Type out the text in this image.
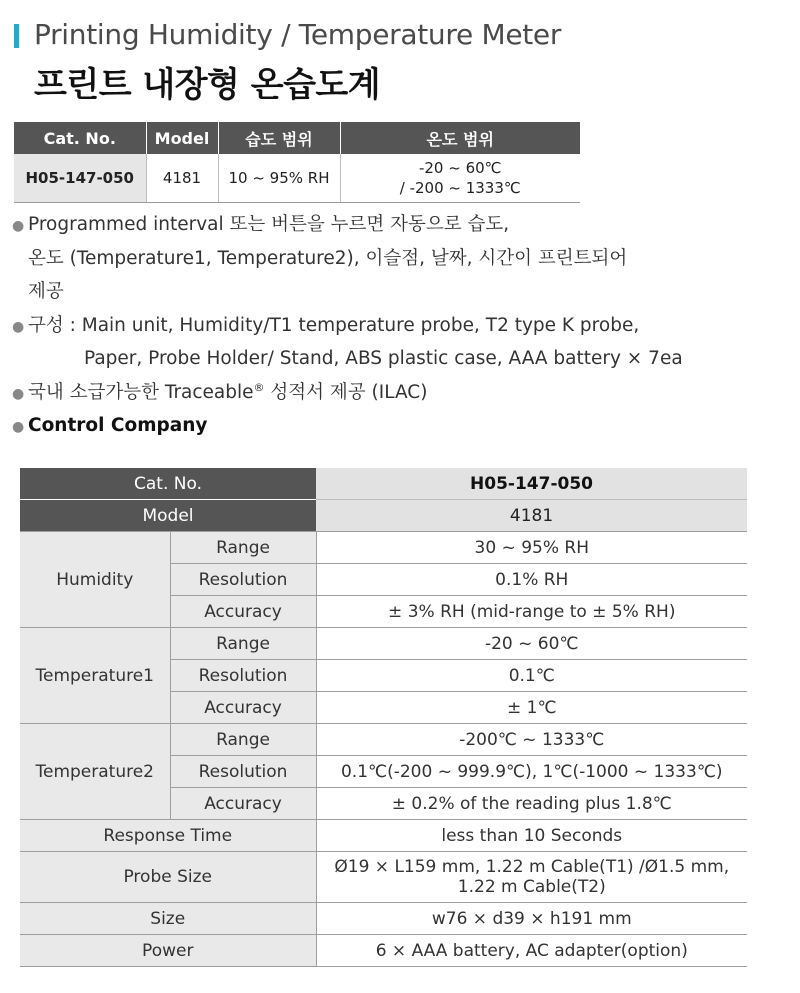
Printing Humidity / Temperature Meter
프린트 내장형 온습도계
Cat. No.	Model	습도 범위	온도 범위
H05-147-050	4181	10 ~ 95% RH	-20 ~ 60℃
/ -200 ~ 1333℃
● Programmed interval 또는 버튼을 누르면 자동으로 습도,
온도 (Temperature1, Temperature2), 이슬점, 날짜, 시간이 프린트되어
제공
● 구성 : Main unit, Humidity/T1 temperature probe, T2 type K probe,
Paper, Probe Holder/ Stand, ABS plastic case, AAA battery × 7ea
● 국내 소급가능한 Traceable® 성적서 제공 (ILAC)
● Control Company
Cat. No.		H05-147-050
Model		4181
Humidity	Range	30 ~ 95% RH
	Resolution	0.1% RH
	Accuracy	± 3% RH (mid-range to ± 5% RH)
Temperature1	Range	-20 ~ 60℃
	Resolution	0.1℃
	Accuracy	± 1℃
Temperature2	Range	-200℃ ~ 1333℃
	Resolution	0.1℃(-200 ~ 999.9℃), 1℃(-1000 ~ 1333℃)
	Accuracy	± 0.2% of the reading plus 1.8℃
Response Time		less than 10 Seconds
Probe Size		Ø19 × L159 mm, 1.22 m Cable(T1) /Ø1.5 mm,
1.22 m Cable(T2)

Size		w76 × d39 × h191 mm
Power		6 × AAA battery, AC adapter(option)
